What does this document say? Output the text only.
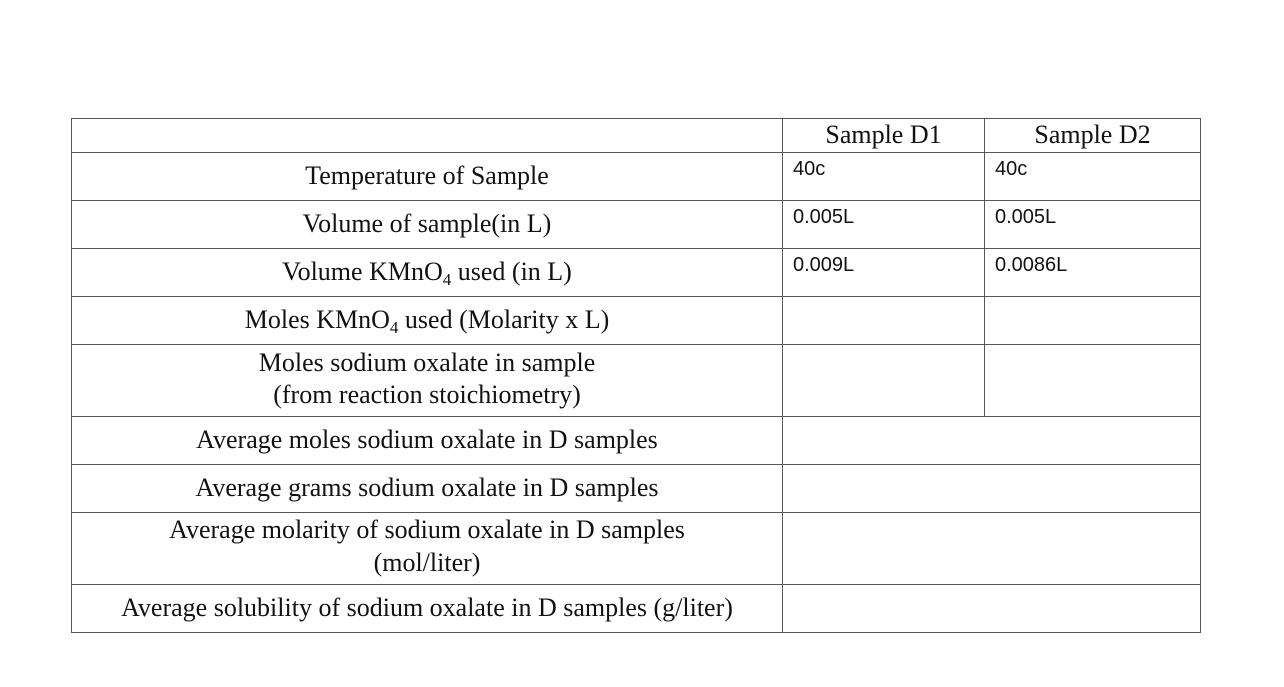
	Sample D1	Sample D2

Temperature of Sample	40c	40c

Volume of sample(in L)	0.005L	0.005L

Volume KMnO$_4$ used (in L)	0.009L	0.0086L

Moles KMnO$_4$ used (Molarity x L)		

Moles sodium oxalate in sample
(from reaction stoichiometry)		

Average moles sodium oxalate in D samples		

Average grams sodium oxalate in D samples		

Average molarity of sodium oxalate in D samples
(mol/liter)		

Average solubility of sodium oxalate in D samples (g/liter)		
